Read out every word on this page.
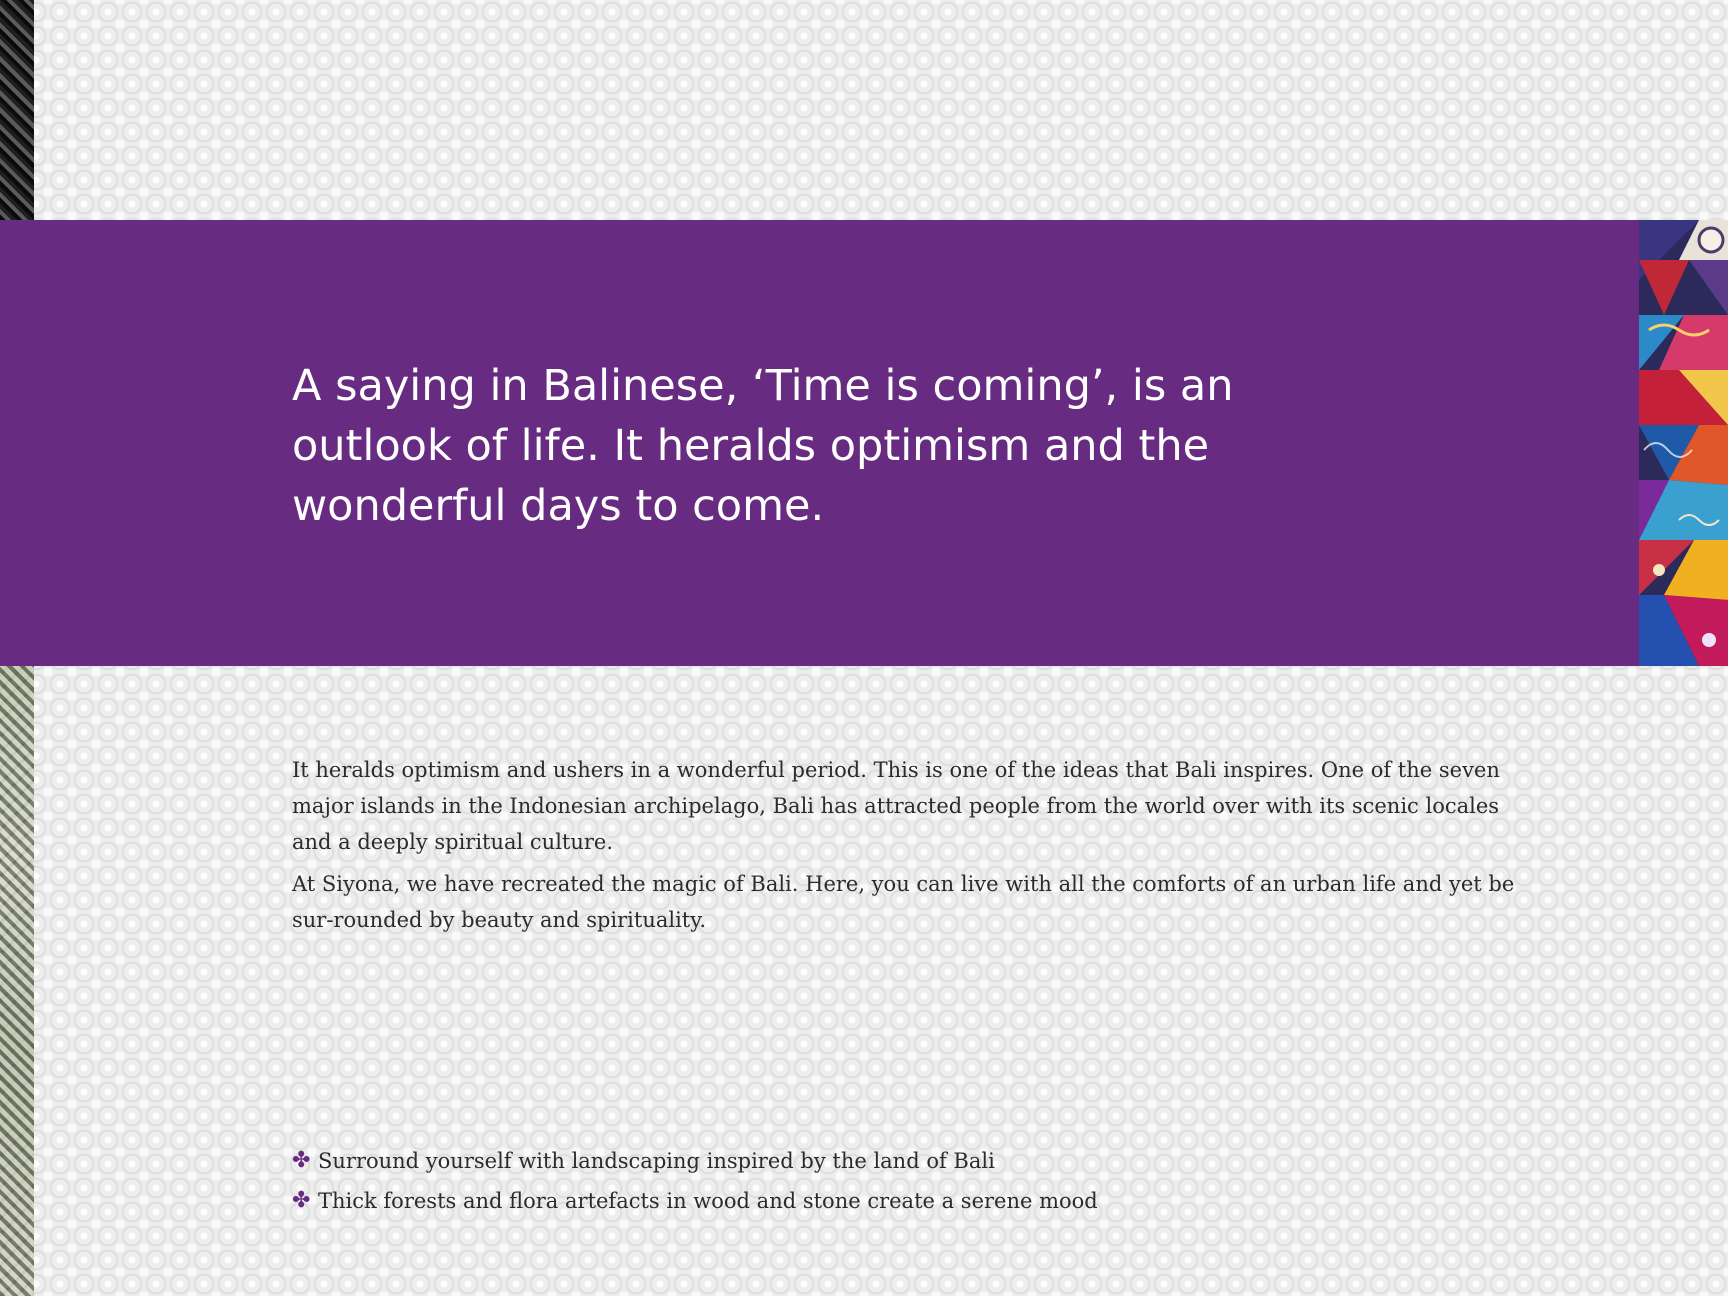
A saying in Balinese, ‘Time is coming’, is an outlook of life. It heralds optimism and the wonderful days to come.

It heralds optimism and ushers in a wonderful period. This is one of the ideas that Bali inspires. One of the seven major islands in the Indonesian archipelago, Bali has attracted people from the world over with its scenic locales and a deeply spiritual culture.

At Siyona, we have recreated the magic of Bali. Here, you can live with all the comforts of an urban life and yet be sur-rounded by beauty and spirituality.

✤ Surround yourself with landscaping inspired by the land of Bali
✤ Thick forests and flora artefacts in wood and stone create a serene mood
